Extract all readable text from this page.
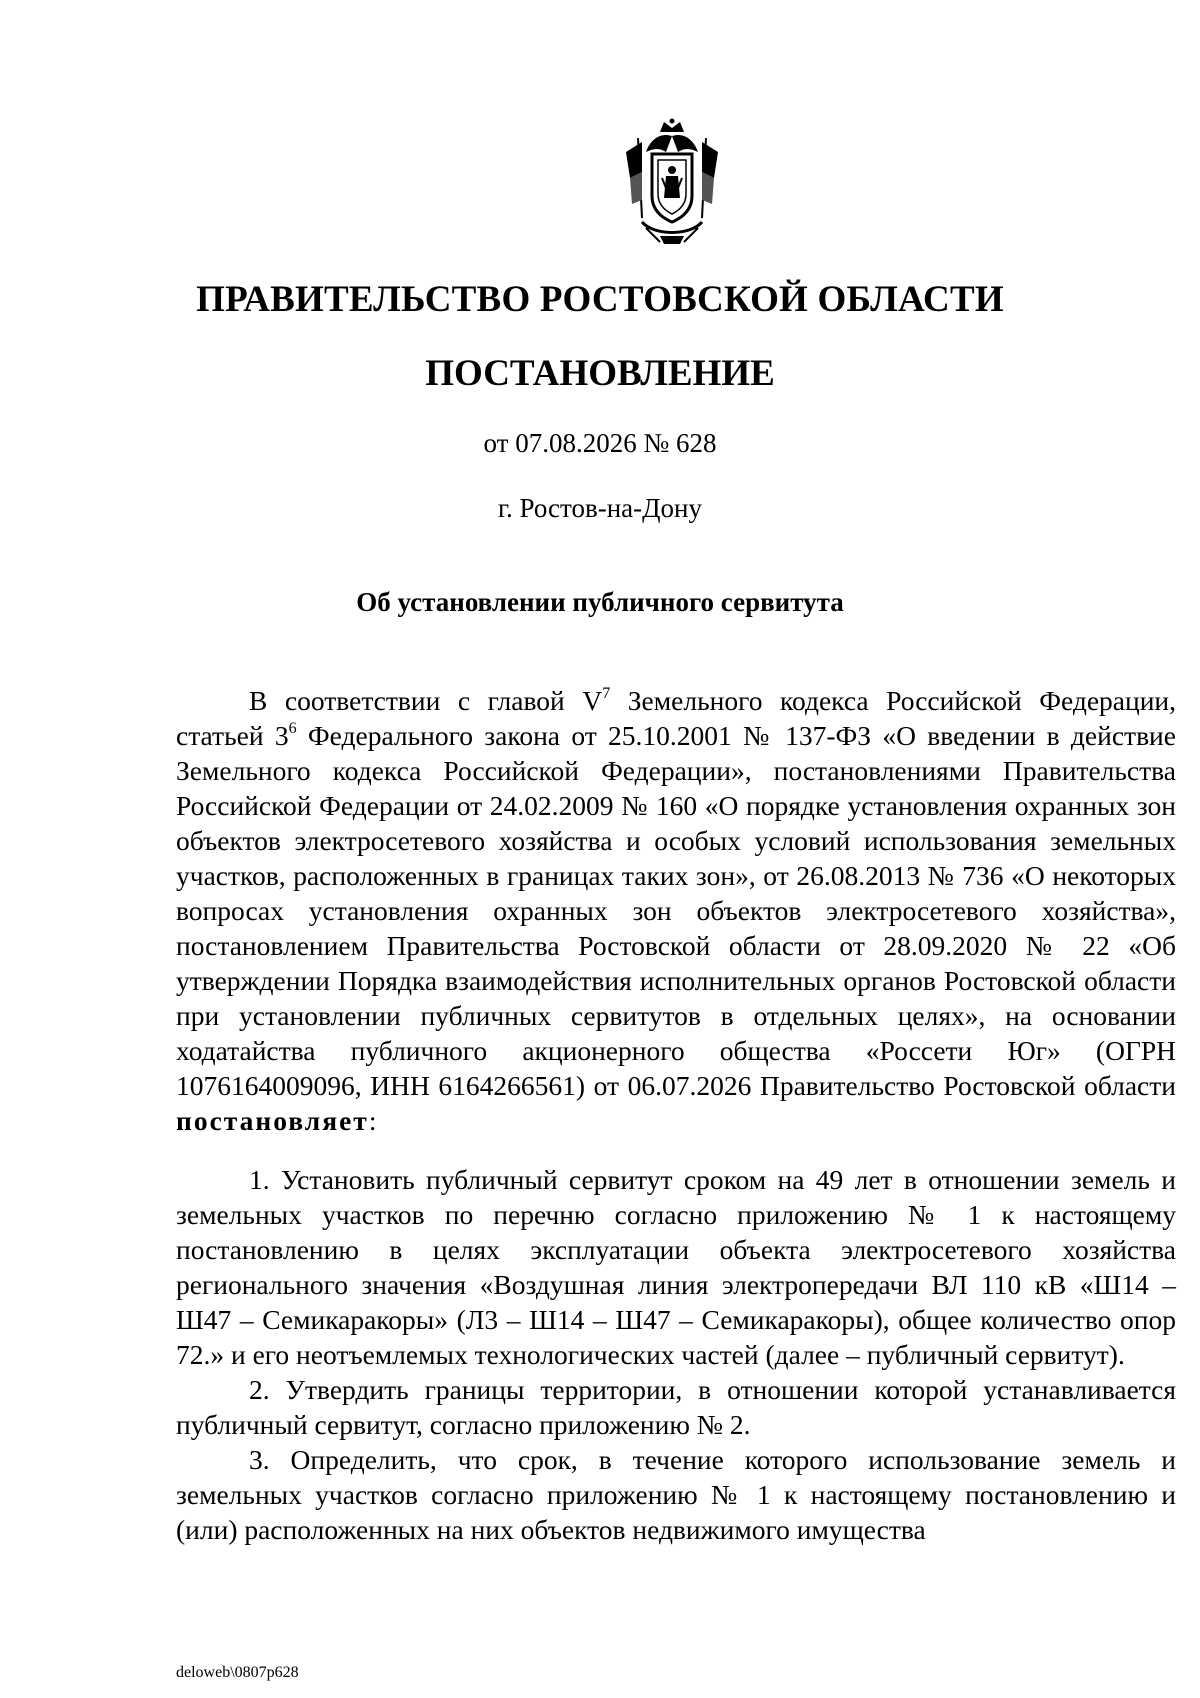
ПРАВИТЕЛЬСТВО РОСТОВСКОЙ ОБЛАСТИ
ПОСТАНОВЛЕНИЕ
от 07.08.2026 № 628
г. Ростов-на-Дону
Об установлении публичного сервитута

В соответствии с главой $V^7$ Земельного кодекса Российской Федерации, статьей $3^6$ Федерального закона от 25.10.2001 № 137-ФЗ «О введении в действие Земельного кодекса Российской Федерации», постановлениями Правительства Российской Федерации от 24.02.2009 № 160 «О порядке установления охранных зон объектов электросетевого хозяйства и особых условий использования земельных участков, расположенных в границах таких зон», от 26.08.2013 № 736 «О некоторых вопросах установления охранных зон объектов электросетевого хозяйства», постановлением Правительства Ростовской области от 28.09.2020 № 22 «Об утверждении Порядка взаимодействия исполнительных органов Ростовской области при установлении публичных сервитутов в отдельных целях», на основании ходатайства публичного акционерного общества «Россети Юг» (ОГРН 1076164009096, ИНН 6164266561) от 06.07.2026 Правительство Ростовской области постановляет:

1. Установить публичный сервитут сроком на 49 лет в отношении земель и земельных участков по перечню согласно приложению № 1 к настоящему постановлению в целях эксплуатации объекта электросетевого хозяйства регионального значения «Воздушная линия электропередачи ВЛ 110 кВ «Ш14 – Ш47 – Семикаракоры» (Л3 – Ш14 – Ш47 – Семикаракоры), общее количество опор 72.» и его неотъемлемых технологических частей (далее – публичный сервитут).

2. Утвердить границы территории, в отношении которой устанавливается публичный сервитут, согласно приложению № 2.

3. Определить, что срок, в течение которого использование земель и земельных участков согласно приложению № 1 к настоящему постановлению и (или) расположенных на них объектов недвижимого имущества

deloweb\0807p628
